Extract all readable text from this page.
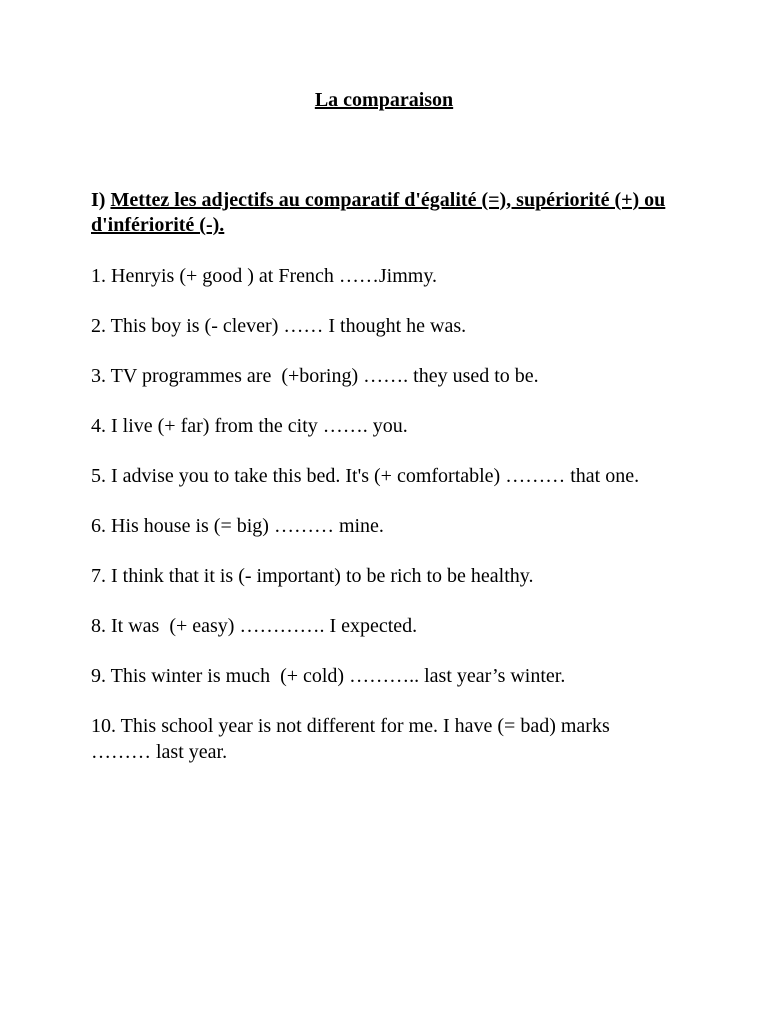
La comparaison
I) Mettez les adjectifs au comparatif d'égalité (=), supériorité (+) ou d'infériorité (-).
1. Henryis (+ good ) at French ……Jimmy.
2. This boy is (- clever) …… I thought he was.
3. TV programmes are  (+boring) ……. they used to be.
4. I live (+ far) from the city ……. you.
5. I advise you to take this bed. It's (+ comfortable) ……… that one.
6. His house is (= big) ……… mine.
7. I think that it is (- important) to be rich to be healthy.
8. It was  (+ easy) …………. I expected.
9. This winter is much  (+ cold) ……….. last year’s winter.
10. This school year is not different for me. I have (= bad) marks ……… last year.
